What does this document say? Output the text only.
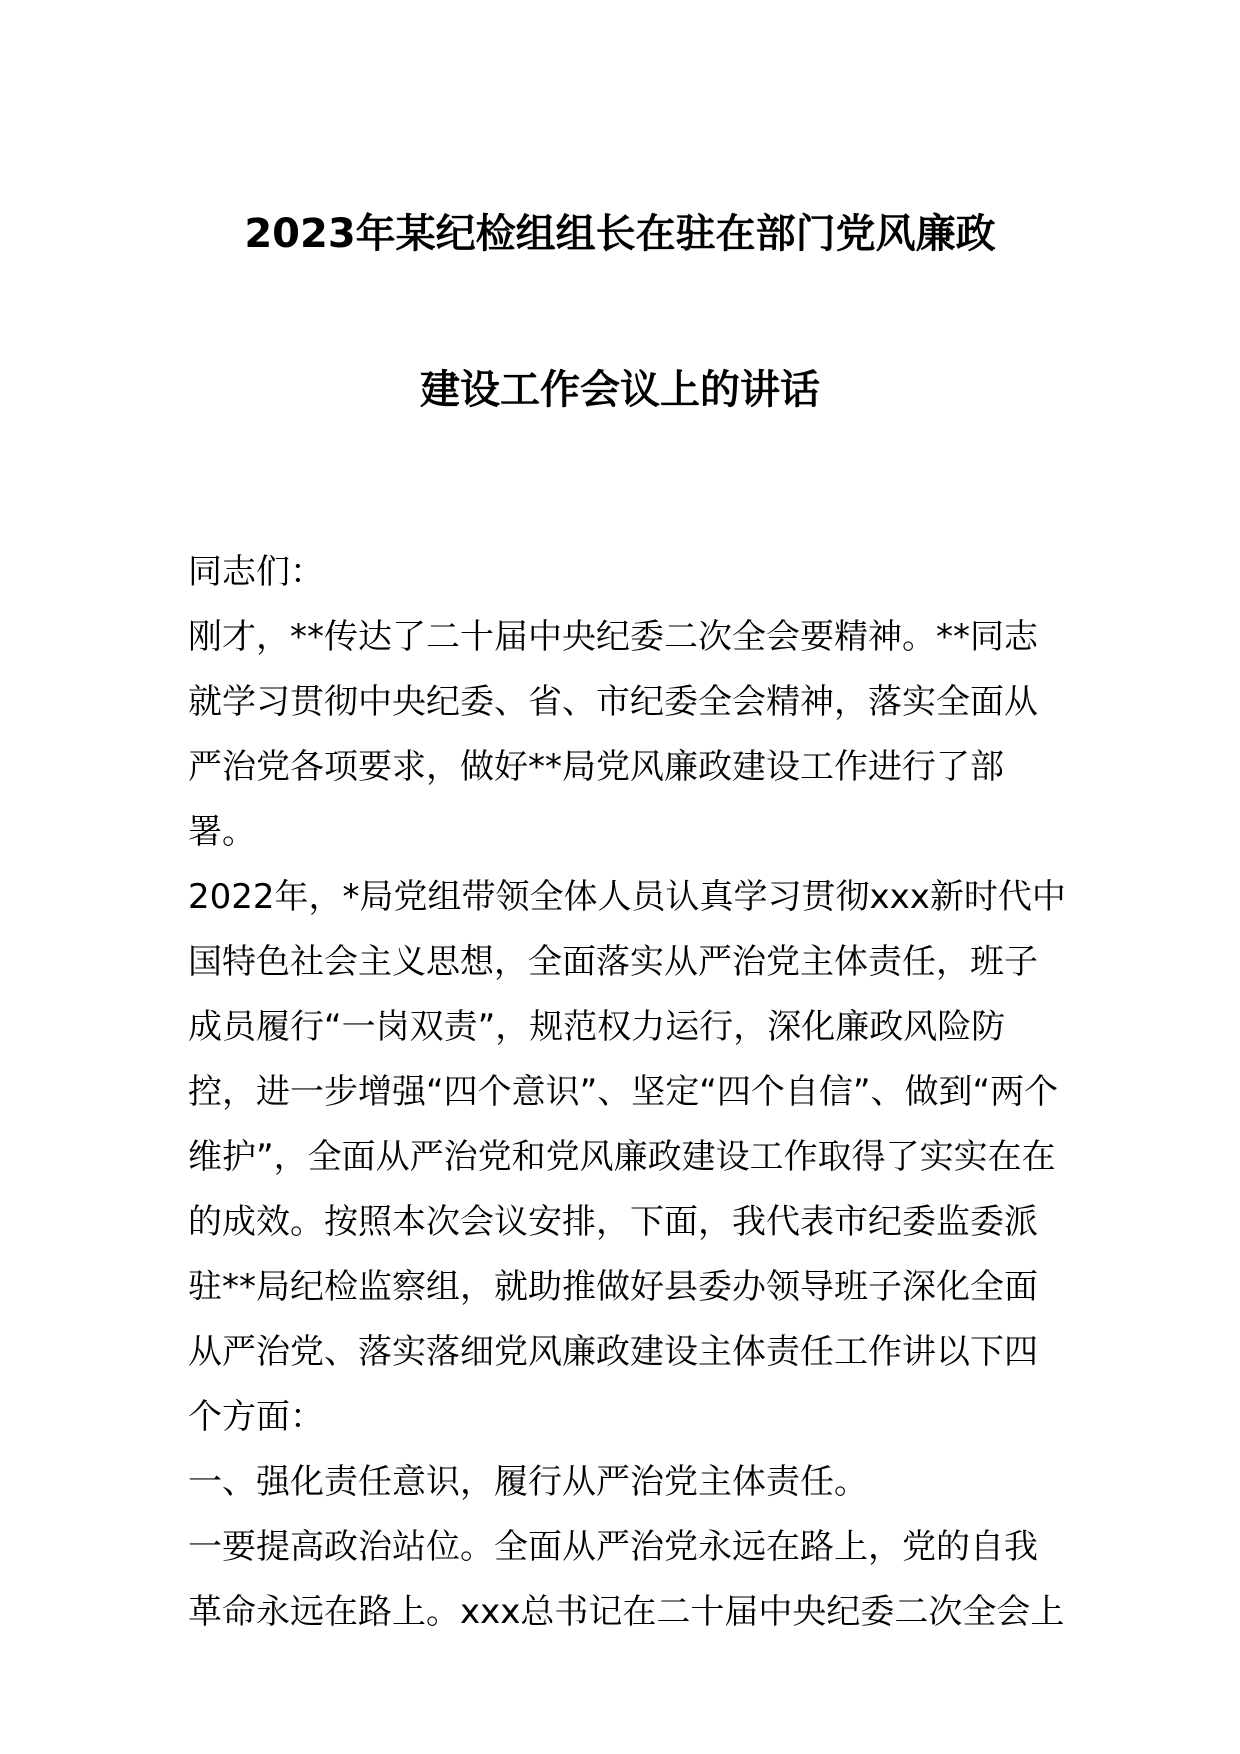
2023年某纪检组组长在驻在部门党风廉政
建设工作会议上的讲话

同志们：

刚才，**传达了二十届中央纪委二次全会要精神。**同志就学习贯彻中央纪委、省、市纪委全会精神，落实全面从严治党各项要求，做好**局党风廉政建设工作进行了部署。

2022年，*局党组带领全体人员认真学习贯彻xxx新时代中国特色社会主义思想，全面落实从严治党主体责任，班子成员履行“一岗双责”，规范权力运行，深化廉政风险防控，进一步增强“四个意识”、坚定“四个自信”、做到“两个维护”，全面从严治党和党风廉政建设工作取得了实实在在的成效。按照本次会议安排，下面，我代表市纪委监委派驻**局纪检监察组，就助推做好县委办领导班子深化全面从严治党、落实落细党风廉政建设主体责任工作讲以下四个方面：

一、强化责任意识，履行从严治党主体责任。

一要提高政治站位。全面从严治党永远在路上，党的自我革命永远在路上。xxx总书记在二十届中央纪委二次全会上
